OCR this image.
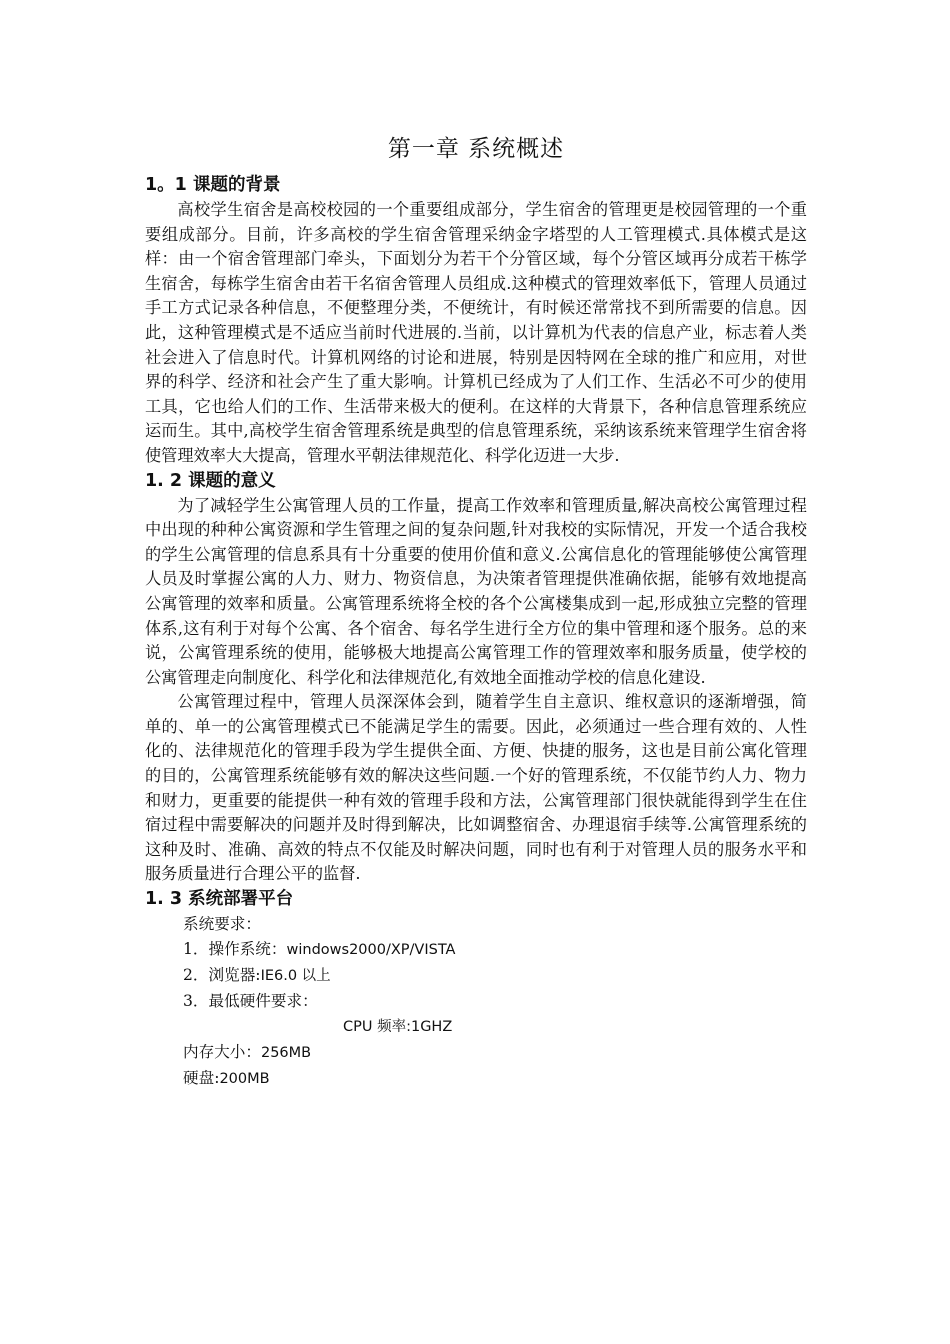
第一章 系统概述
1。1 课题的背景

高校学生宿舍是高校校园的一个重要组成部分，学生宿舍的管理更是校园管理的一个重要组成部分。目前，许多高校的学生宿舍管理采纳金字塔型的人工管理模式.具体模式是这样：由一个宿舍管理部门牵头，下面划分为若干个分管区域，每个分管区域再分成若干栋学生宿舍，每栋学生宿舍由若干名宿舍管理人员组成.这种模式的管理效率低下，管理人员通过手工方式记录各种信息，不便整理分类，不便统计，有时候还常常找不到所需要的信息。因此，这种管理模式是不适应当前时代进展的.当前，以计算机为代表的信息产业，标志着人类社会进入了信息时代。计算机网络的讨论和进展，特别是因特网在全球的推广和应用，对世界的科学、经济和社会产生了重大影响。计算机已经成为了人们工作、生活必不可少的使用工具，它也给人们的工作、生活带来极大的便利。在这样的大背景下，各种信息管理系统应运而生。其中,高校学生宿舍管理系统是典型的信息管理系统，采纳该系统来管理学生宿舍将使管理效率大大提高，管理水平朝法律规范化、科学化迈进一大步.

1. 2 课题的意义

为了减轻学生公寓管理人员的工作量，提高工作效率和管理质量,解决高校公寓管理过程中出现的种种公寓资源和学生管理之间的复杂问题,针对我校的实际情况，开发一个适合我校的学生公寓管理的信息系具有十分重要的使用价值和意义.公寓信息化的管理能够使公寓管理人员及时掌握公寓的人力、财力、物资信息，为决策者管理提供准确依据，能够有效地提高公寓管理的效率和质量。公寓管理系统将全校的各个公寓楼集成到一起,形成独立完整的管理体系,这有利于对每个公寓、各个宿舍、每名学生进行全方位的集中管理和逐个服务。总的来说，公寓管理系统的使用，能够极大地提高公寓管理工作的管理效率和服务质量，使学校的公寓管理走向制度化、科学化和法律规范化,有效地全面推动学校的信息化建设.

公寓管理过程中，管理人员深深体会到，随着学生自主意识、维权意识的逐渐增强，简单的、单一的公寓管理模式已不能满足学生的需要。因此，必须通过一些合理有效的、人性化的、法律规范化的管理手段为学生提供全面、方便、快捷的服务，这也是目前公寓化管理的目的，公寓管理系统能够有效的解决这些问题.一个好的管理系统，不仅能节约人力、物力和财力，更重要的能提供一种有效的管理手段和方法，公寓管理部门很快就能得到学生在住宿过程中需要解决的问题并及时得到解决，比如调整宿舍、办理退宿手续等.公寓管理系统的这种及时、准确、高效的特点不仅能及时解决问题，同时也有利于对管理人员的服务水平和服务质量进行合理公平的监督.

1. 3 系统部署平台

系统要求：

1．操作系统：windows2000/XP/VISTA

2．浏览器:IE6.0 以上

3．最低硬件要求：

CPU 频率:1GHZ

内存大小：256MB

硬盘:200MB
